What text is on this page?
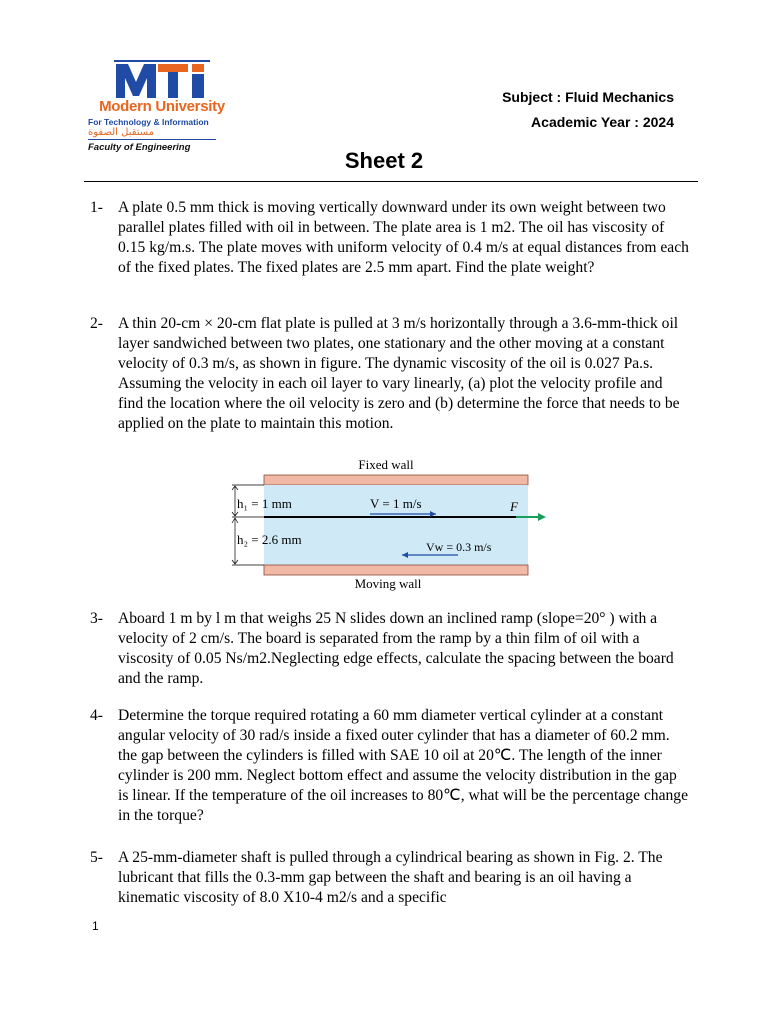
Modern University
For Technology & Information
مستقبل الصفوة
Faculty of Engineering
Subject : Fluid Mechanics
Academic Year : 2024
Sheet 2
1- A plate 0.5 mm thick is moving vertically downward under its own weight between two parallel plates filled with oil in between. The plate area is 1 m2. The oil has viscosity of 0.15 kg/m.s. The plate moves with uniform velocity of 0.4 m/s at equal distances from each of the fixed plates. The fixed plates are 2.5 mm apart. Find the plate weight?
2- A thin 20-cm × 20-cm flat plate is pulled at 3 m/s horizontally through a 3.6-mm-thick oil layer sandwiched between two plates, one stationary and the other moving at a constant velocity of 0.3 m/s, as shown in figure. The dynamic viscosity of the oil is 0.027 Pa.s. Assuming the velocity in each oil layer to vary linearly, (a) plot the velocity profile and find the location where the oil velocity is zero and (b) determine the force that needs to be applied on the plate to maintain this motion.
Fixed wall
h₁ = 1 mm
h₂ = 2.6 mm
V = 1 m/s	F
Vw = 0.3 m/s
Moving wall
3- Aboard 1 m by l m that weighs 25 N slides down an inclined ramp (slope=20° ) with a velocity of 2 cm/s. The board is separated from the ramp by a thin film of oil with a viscosity of 0.05 Ns/m2.Neglecting edge effects, calculate the spacing between the board and the ramp.
4- Determine the torque required rotating a 60 mm diameter vertical cylinder at a constant angular velocity of 30 rad/s inside a fixed outer cylinder that has a diameter of 60.2 mm. the gap between the cylinders is filled with SAE 10 oil at 20℃. The length of the inner cylinder is 200 mm. Neglect bottom effect and assume the velocity distribution in the gap is linear. If the temperature of the oil increases to 80℃, what will be the percentage change in the torque?
5- A 25-mm-diameter shaft is pulled through a cylindrical bearing as shown in Fig. 2. The lubricant that fills the 0.3-mm gap between the shaft and bearing is an oil having a kinematic viscosity of 8.0 X10-4 m2/s and a specific
1
